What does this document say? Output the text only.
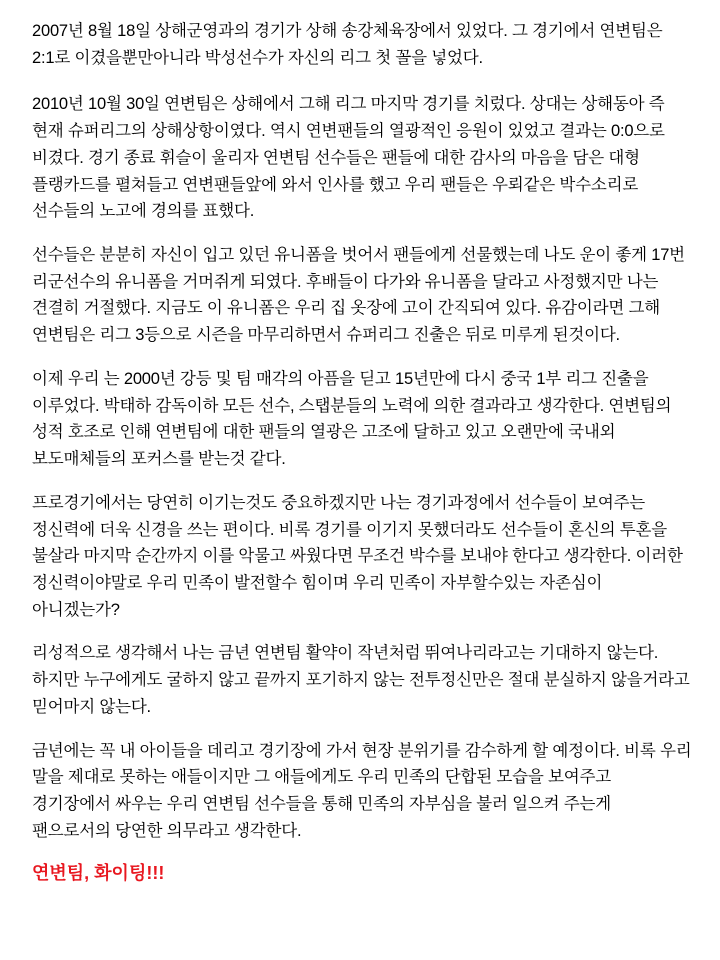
2007년 8월 18일 상해군영과의 경기가 상해 송강체육장에서 있었다. 그 경기에서 연변팀은 2:1로 이겼을뿐만아니라 박성선수가 자신의 리그 첫 꼴을 넣었다.

2010년 10월 30일 연변팀은 상해에서 그해 리그 마지막 경기를 치렀다. 상대는 상해동아 즉 현재 슈퍼리그의 상해상항이였다. 역시 연변팬들의 열광적인 응원이 있었고 결과는 0:0으로 비겼다. 경기 종료 휘슬이 울리자 연변팀 선수들은 팬들에 대한 감사의 마음을 담은 대형 플랭카드를 펼쳐들고 연변팬들앞에 와서 인사를 했고 우리 팬들은 우뢰같은 박수소리로 선수들의 노고에 경의를 표했다.

선수들은 분분히 자신이 입고 있던 유니폼을 벗어서 팬들에게 선물했는데 나도 운이 좋게 17번 리군선수의 유니폼을 거머쥐게 되였다. 후배들이 다가와 유니폼을 달라고 사정했지만 나는 견결히 거절했다. 지금도 이 유니폼은 우리 집 옷장에 고이 간직되여 있다. 유감이라면 그해 연변팀은 리그 3등으로 시즌을 마무리하면서 슈퍼리그 진출은 뒤로 미루게 된것이다.

이제 우리 는 2000년 강등 및 팀 매각의 아픔을 딛고 15년만에 다시 중국 1부 리그 진출을 이루었다. 박태하 감독이하 모든 선수, 스탭분들의 노력에 의한 결과라고 생각한다. 연변팀의 성적 호조로 인해 연변팀에 대한 팬들의 열광은 고조에 달하고 있고 오랜만에 국내외 보도매체들의 포커스를 받는것 같다.

프로경기에서는 당연히 이기는것도 중요하겠지만 나는 경기과정에서 선수들이 보여주는 정신력에 더욱 신경을 쓰는 편이다. 비록 경기를 이기지 못했더라도 선수들이 혼신의 투혼을 불살라 마지막 순간까지 이를 악물고 싸웠다면 무조건 박수를 보내야 한다고 생각한다. 이러한 정신력이야말로 우리 민족이 발전할수 힘이며 우리 민족이 자부할수있는 자존심이 아니겠는가?

리성적으로 생각해서 나는 금년 연변팀 활약이 작년처럼 뛰여나리라고는 기대하지 않는다. 하지만 누구에게도 굴하지 않고 끝까지 포기하지 않는 전투정신만은 절대 분실하지 않을거라고 믿어마지 않는다.

금년에는 꼭 내 아이들을 데리고 경기장에 가서 현장 분위기를 감수하게 할 예정이다. 비록 우리 말을 제대로 못하는 애들이지만 그 애들에게도 우리 민족의 단합된 모습을 보여주고 경기장에서 싸우는 우리 연변팀 선수들을 통해 민족의 자부심을 불러 일으켜 주는게 팬으로서의 당연한 의무라고 생각한다.

연변팀, 화이팅!!!
